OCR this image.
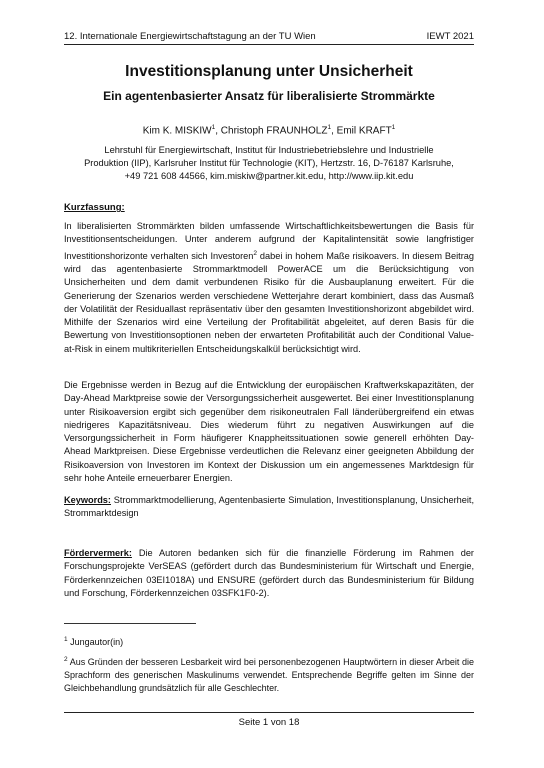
12. Internationale Energiewirtschaftstagung an der TU Wien	IEWT 2021
Investitionsplanung unter Unsicherheit
Ein agentenbasierter Ansatz für liberalisierte Strommärkte
Kim K. MISKIW$^1$, Christoph FRAUNHOLZ$^1$, Emil KRAFT$^1$
Lehrstuhl für Energiewirtschaft, Institut für Industriebetriebslehre und Industrielle
Produktion (IIP), Karlsruher Institut für Technologie (KIT), Hertzstr. 16, D-76187 Karlsruhe,
+49 721 608 44566, kim.miskiw@partner.kit.edu, http://www.iip.kit.edu
Kurzfassung:

In liberalisierten Strommärkten bilden umfassende Wirtschaftlichkeitsbewertungen die Basis für Investitionsentscheidungen. Unter anderem aufgrund der Kapitalintensität sowie langfristiger Investitionshorizonte verhalten sich Investoren$^2$ dabei in hohem Maße risikoavers. In diesem Beitrag wird das agentenbasierte Strommarktmodell PowerACE um die Berücksichtigung von Unsicherheiten und dem damit verbundenen Risiko für die Ausbauplanung erweitert. Für die Generierung der Szenarios werden verschiedene Wetterjahre derart kombiniert, dass das Ausmaß der Volatilität der Residuallast repräsentativ über den gesamten Investitionshorizont abgebildet wird. Mithilfe der Szenarios wird eine Verteilung der Profitabilität abgeleitet, auf deren Basis für die Bewertung von Investitionsoptionen neben der erwarteten Profitabilität auch der Conditional Value-at-Risk in einem multikriteriellen Entscheidungskalkül berücksichtigt wird.

Die Ergebnisse werden in Bezug auf die Entwicklung der europäischen Kraftwerkskapazitäten, der Day-Ahead Marktpreise sowie der Versorgungssicherheit ausgewertet. Bei einer Investitionsplanung unter Risikoaversion ergibt sich gegenüber dem risikoneutralen Fall länderübergreifend ein etwas niedrigeres Kapazitätsniveau. Dies wiederum führt zu negativen Auswirkungen auf die Versorgungssicherheit in Form häufigerer Knappheitssituationen sowie generell erhöhten Day-Ahead Marktpreisen. Diese Ergebnisse verdeutlichen die Relevanz einer geeigneten Abbildung der Risikoaversion von Investoren im Kontext der Diskussion um ein angemessenes Marktdesign für sehr hohe Anteile erneuerbarer Energien.

Keywords: Strommarktmodellierung, Agentenbasierte Simulation, Investitionsplanung, Unsicherheit, Strommarktdesign

Fördervermerk: Die Autoren bedanken sich für die finanzielle Förderung im Rahmen der Forschungsprojekte VerSEAS (gefördert durch das Bundesministerium für Wirtschaft und Energie, Förderkennzeichen 03EI1018A) und ENSURE (gefördert durch das Bundesministerium für Bildung und Forschung, Förderkennzeichen 03SFK1F0-2).

$^1$ Jungautor(in)

$^2$ Aus Gründen der besseren Lesbarkeit wird bei personenbezogenen Hauptwörtern in dieser Arbeit die Sprachform des generischen Maskulinums verwendet. Entsprechende Begriffe gelten im Sinne der Gleichbehandlung grundsätzlich für alle Geschlechter.

Seite 1 von 18
